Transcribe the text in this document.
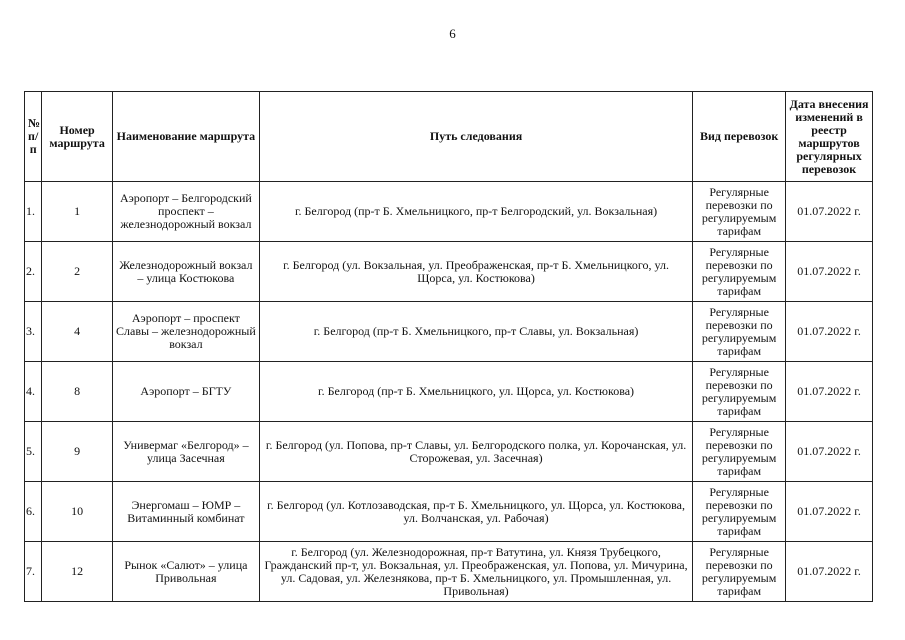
6
№ п/п	Номер маршрута	Наименование маршрута	Путь следования	Вид перевозок	Дата внесения изменений в реестр маршрутов регулярных перевозок
1.	1	Аэропорт – Белгородский проспект – железнодорожный вокзал	г. Белгород (пр-т Б. Хмельницкого, пр-т Белгородский, ул. Вокзальная)	Регулярные перевозки по регулируемым тарифам	01.07.2022 г.
2.	2	Железнодорожный вокзал – улица Костюкова	г. Белгород (ул. Вокзальная, ул. Преображенская, пр-т Б. Хмельницкого, ул. Щорса, ул. Костюкова)	Регулярные перевозки по регулируемым тарифам	01.07.2022 г.
3.	4	Аэропорт – проспект Славы – железнодорожный вокзал	г. Белгород (пр-т Б. Хмельницкого, пр-т Славы, ул. Вокзальная)	Регулярные перевозки по регулируемым тарифам	01.07.2022 г.
4.	8	Аэропорт – БГТУ	г. Белгород (пр-т Б. Хмельницкого, ул. Щорса, ул. Костюкова)	Регулярные перевозки по регулируемым тарифам	01.07.2022 г.
5.	9	Универмаг «Белгород» – улица Засечная	г. Белгород (ул. Попова, пр-т Славы, ул. Белгородского полка, ул. Корочанская, ул. Сторожевая, ул. Засечная)	Регулярные перевозки по регулируемым тарифам	01.07.2022 г.
6.	10	Энергомаш – ЮМР – Витаминный комбинат	г. Белгород (ул. Котлозаводская, пр-т Б. Хмельницкого, ул. Щорса, ул. Костюкова, ул. Волчанская, ул. Рабочая)	Регулярные перевозки по регулируемым тарифам	01.07.2022 г.
7.	12	Рынок «Салют» – улица Привольная	г. Белгород (ул. Железнодорожная, пр-т Ватутина, ул. Князя Трубецкого, Гражданский пр-т, ул. Вокзальная, ул. Преображенская, ул. Попова, ул. Мичурина, ул. Садовая, ул. Железнякова, пр-т Б. Хмельницкого, ул. Промышленная, ул. Привольная)	Регулярные перевозки по регулируемым тарифам	01.07.2022 г.
